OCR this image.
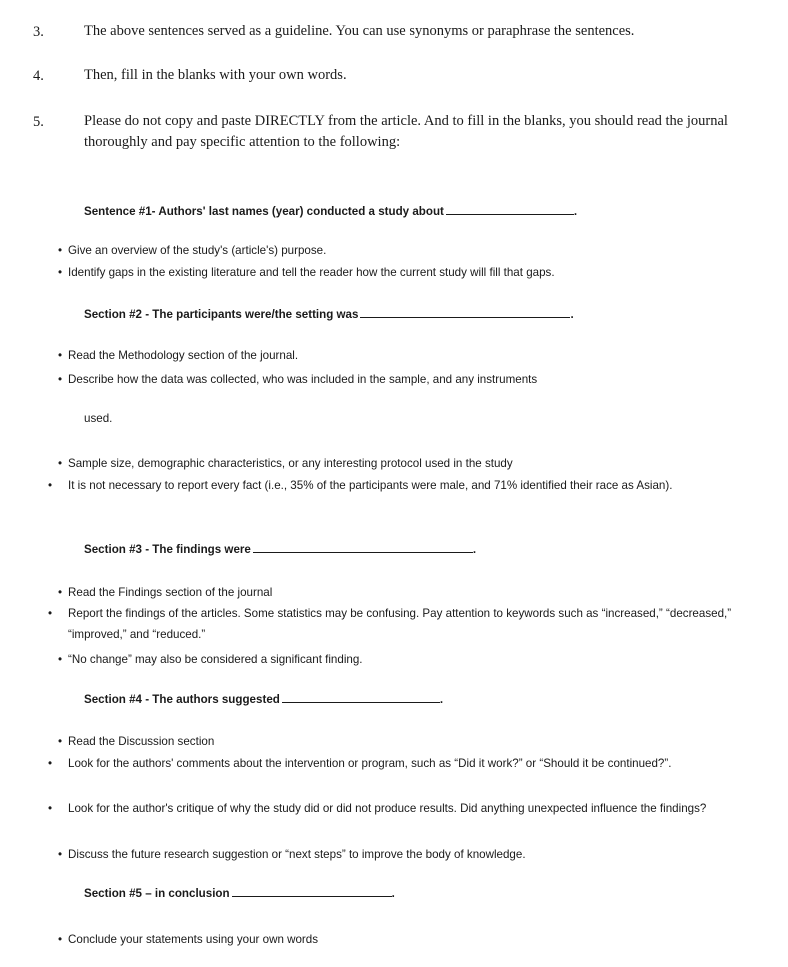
3.	The above sentences served as a guideline. You can use synonyms or paraphrase the sentences.
4.	Then, fill in the blanks with your own words.
5.	Please do not copy and paste DIRECTLY from the article. And to fill in the blanks, you should read the journal thoroughly and pay specific attention to the following:
Sentence #1- Authors' last names (year) conducted a study about	.
• Give an overview of the study's (article's) purpose.
• Identify gaps in the existing literature and tell the reader how the current study will fill that gaps.
Section #2 - The participants were/the setting was	.
• Read the Methodology section of the journal.
• Describe how the data was collected, who was included in the sample, and any instruments
used.
• Sample size, demographic characteristics, or any interesting protocol used in the study
• It is not necessary to report every fact (i.e., 35% of the participants were male, and 71% identified their race as Asian).
Section #3 - The findings were	.
• Read the Findings section of the journal
• Report the findings of the articles. Some statistics may be confusing. Pay attention to keywords such as “increased,” “decreased,” “improved,” and “reduced.”
• “No change” may also be considered a significant finding.
Section #4 - The authors suggested	.
• Read the Discussion section
• Look for the authors' comments about the intervention or program, such as “Did it work?” or “Should it be continued?”.
• Look for the author's critique of why the study did or did not produce results. Did anything unexpected influence the findings?
• Discuss the future research suggestion or “next steps” to improve the body of knowledge.
Section #5 – in conclusion	.
• Conclude your statements using your own words
